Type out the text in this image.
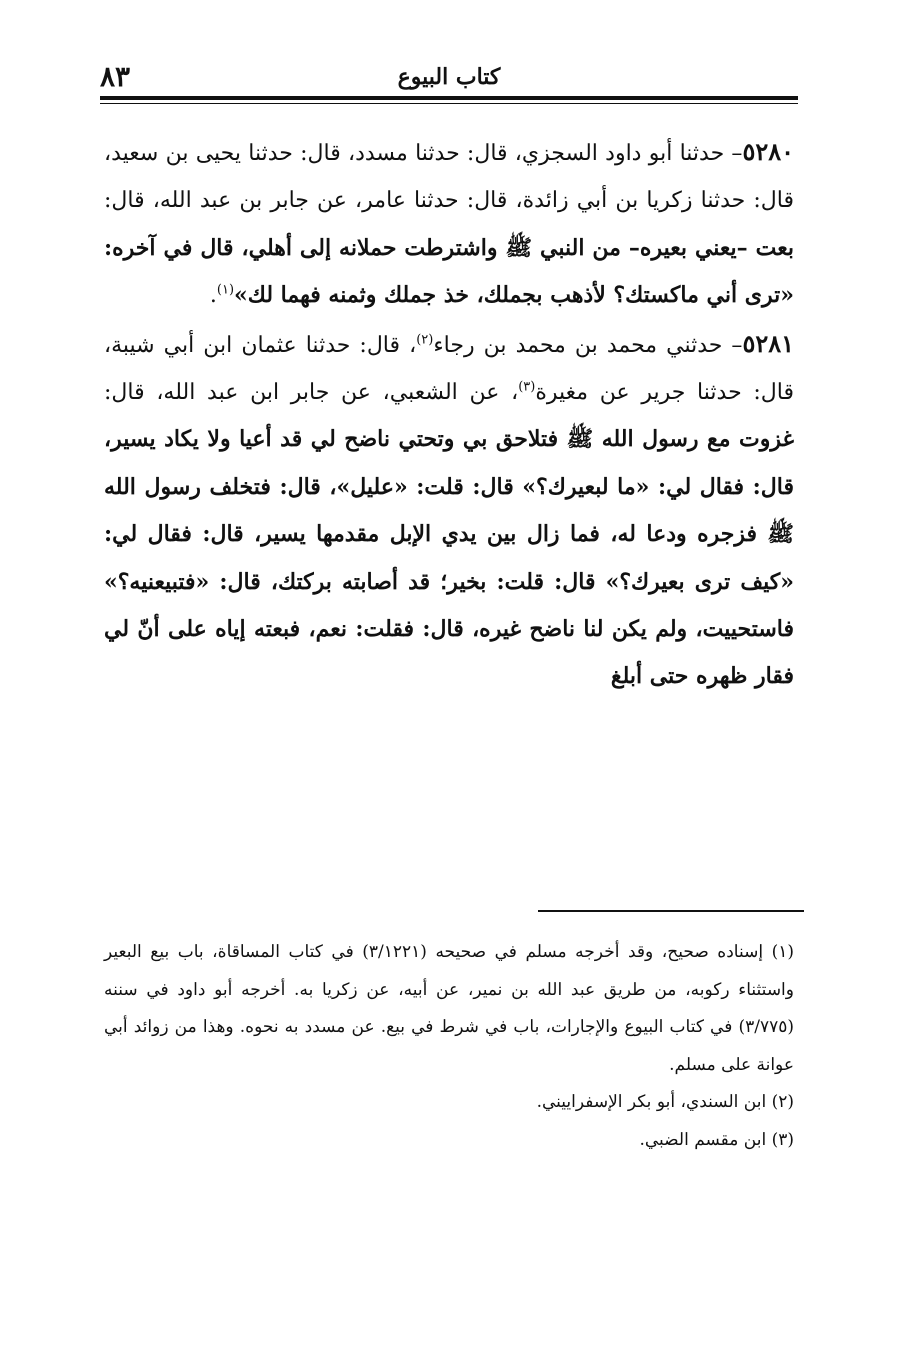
كتاب البيوع
٨٣

٥٢٨٠– حدثنا أبو داود السجزي، قال: حدثنا مسدد، قال: حدثنا يحيى بن سعيد، قال: حدثنا زكريا بن أبي زائدة، قال: حدثنا عامر، عن جابر بن عبد الله، قال: بعت –يعني بعيره– من النبي ﷺ واشترطت حملانه إلى أهلي، قال في آخره: «ترى أني ماكستك؟ لأذهب بجملك، خذ جملك وثمنه فهما لك»$^{(١)}$.

٥٢٨١– حدثني محمد بن محمد بن رجاء$^{(٢)}$، قال: حدثنا عثمان ابن أبي شيبة، قال: حدثنا جرير عن مغيرة$^{(٣)}$، عن الشعبي، عن جابر ابن عبد الله، قال: غزوت مع رسول الله ﷺ فتلاحق بي وتحتي ناضح لي قد أعيا ولا يكاد يسير، قال: فقال لي: «ما لبعيرك؟» قال: قلت: «عليل»، قال: فتخلف رسول الله ﷺ فزجره ودعا له، فما زال بين يدي الإبل مقدمها يسير، قال: فقال لي: «كيف ترى بعيرك؟» قال: قلت: بخير؛ قد أصابته بركتك، قال: «فتبيعنيه؟» فاستحييت، ولم يكن لنا ناضح غيره، قال: فقلت: نعم، فبعته إياه على أنّ لي فقار ظهره حتى أبلغ

(١) إسناده صحيح، وقد أخرجه مسلم في صحيحه (٣/١٢٢١) في كتاب المساقاة، باب بيع البعير واستثناء ركوبه، من طريق عبد الله بن نمير، عن أبيه، عن زكريا به. أخرجه أبو داود في سننه (٣/٧٧٥) في كتاب البيوع والإجارات، باب في شرط في بيع. عن مسدد به نحوه. وهذا من زوائد أبي عوانة على مسلم.

(٢) ابن السندي، أبو بكر الإسفراييني.

(٣) ابن مقسم الضبي.
